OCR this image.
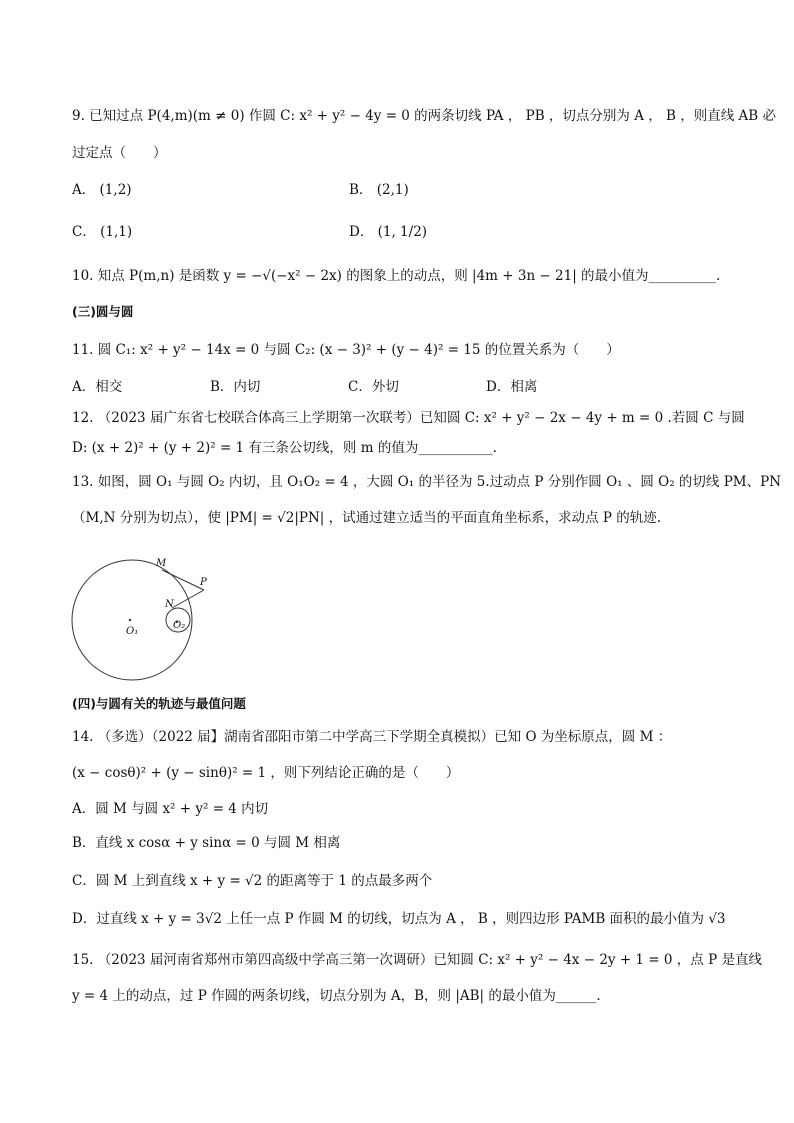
9. 已知过点 P(4,m)(m ≠ 0) 作圆 C: x² + y² − 4y = 0 的两条切线 PA ， PB ，切点分别为 A ， B ，则直线 AB 必
过定点（　　）
A． (1,2)	B． (2,1)
C． (1,1)	D． (1, 1/2)
10. 知点 P(m,n) 是函数 y = −√(−x² − 2x) 的图象上的动点，则 |4m + 3n − 21| 的最小值为__________.
(三)圆与圆
11. 圆 C₁: x² + y² − 14x = 0 与圆 C₂: (x − 3)² + (y − 4)² = 15 的位置关系为（　　）
A．相交	B．内切	C．外切	D．相离
12. （2023 届广东省七校联合体高三上学期第一次联考）已知圆 C: x² + y² − 2x − 4y + m = 0 .若圆 C 与圆
D: (x + 2)² + (y + 2)² = 1 有三条公切线，则 m 的值为___________.
13. 如图，圆 O₁ 与圆 O₂ 内切，且 O₁O₂ = 4 ，大圆 O₁ 的半径为 5.过动点 P 分别作圆 O₁ 、圆 O₂ 的切线 PM、PN
（M,N 分别为切点），使 |PM| = √2|PN| ，试通过建立适当的平面直角坐标系，求动点 P 的轨迹.
M
P
N
O₁
O₂
(四)与圆有关的轨迹与最值问题
14. （多选）（2022 届】湖南省邵阳市第二中学高三下学期全真模拟）已知 O 为坐标原点，圆 M ：
(x − cosθ)² + (y − sinθ)² = 1 ，则下列结论正确的是（　　）
A．圆 M 与圆 x² + y² = 4 内切
B．直线 x cosα + y sinα = 0 与圆 M 相离
C．圆 M 上到直线 x + y = √2 的距离等于 1 的点最多两个
D．过直线 x + y = 3√2 上任一点 P 作圆 M 的切线，切点为 A ， B ，则四边形 PAMB 面积的最小值为 √3
15. （2023 届河南省郑州市第四高级中学高三第一次调研）已知圆 C: x² + y² − 4x − 2y + 1 = 0 ，点 P 是直线
y = 4 上的动点，过 P 作圆的两条切线，切点分别为 A，B，则 |AB| 的最小值为______.
